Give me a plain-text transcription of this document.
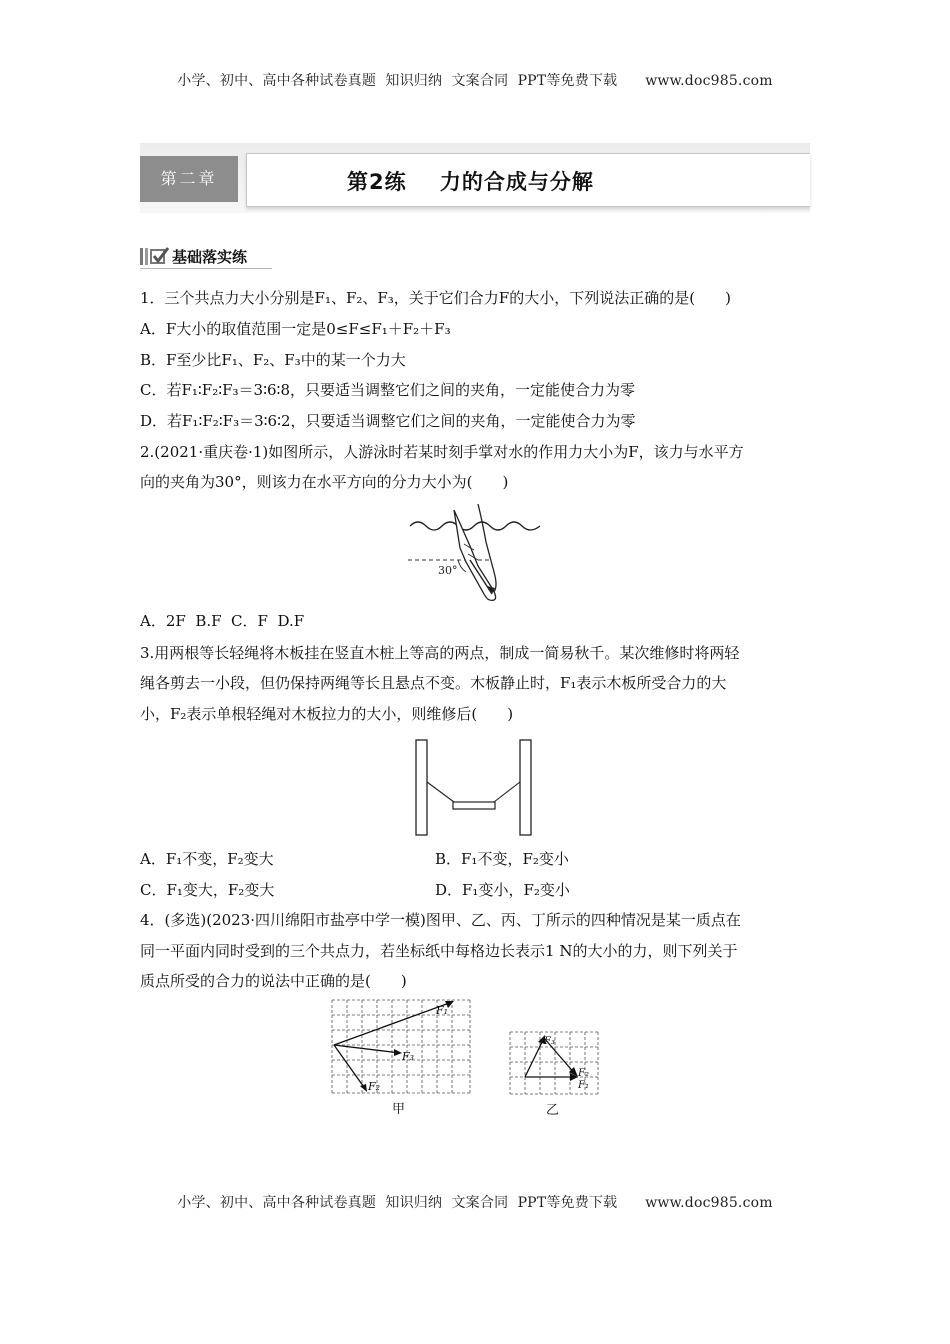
小学、初中、高中各种试卷真题  知识归纳  文案合同  PPT等免费下载      www.doc985.com
第二章	第2练    力的合成与分解
基础落实练
1．三个共点力大小分别是F₁、F₂、F₃，关于它们合力F的大小，下列说法正确的是(　　)
A．F大小的取值范围一定是0≤F≤F₁＋F₂＋F₃
B．F至少比F₁、F₂、F₃中的某一个力大
C．若F₁∶F₂∶F₃＝3∶6∶8，只要适当调整它们之间的夹角，一定能使合力为零
D．若F₁∶F₂∶F₃＝3∶6∶2，只要适当调整它们之间的夹角，一定能使合力为零
2.(2021·重庆卷·1)如图所示，人游泳时若某时刻手掌对水的作用力大小为F，该力与水平方
向的夹角为30°，则该力在水平方向的分力大小为(　　)
30°
A．2F  B.F  C．F  D.F
3.用两根等长轻绳将木板挂在竖直木桩上等高的两点，制成一简易秋千。某次维修时将两轻
绳各剪去一小段，但仍保持两绳等长且悬点不变。木板静止时，F₁表示木板所受合力的大
小，F₂表示单根轻绳对木板拉力的大小，则维修后(　　)
A．F₁不变，F₂变大	B．F₁不变，F₂变小
C．F₁变大，F₂变大	D．F₁变小，F₂变小
4．(多选)(2023·四川绵阳市盐亭中学一模)图甲、乙、丙、丁所示的四种情况是某一质点在
同一平面内同时受到的三个共点力，若坐标纸中每格边长表示1 N的大小的力，则下列关于
质点所受的合力的说法中正确的是(　　)
F₁
F₃
F₂
甲
F₃
F₂
F₁
乙
小学、初中、高中各种试卷真题  知识归纳  文案合同  PPT等免费下载      www.doc985.com
